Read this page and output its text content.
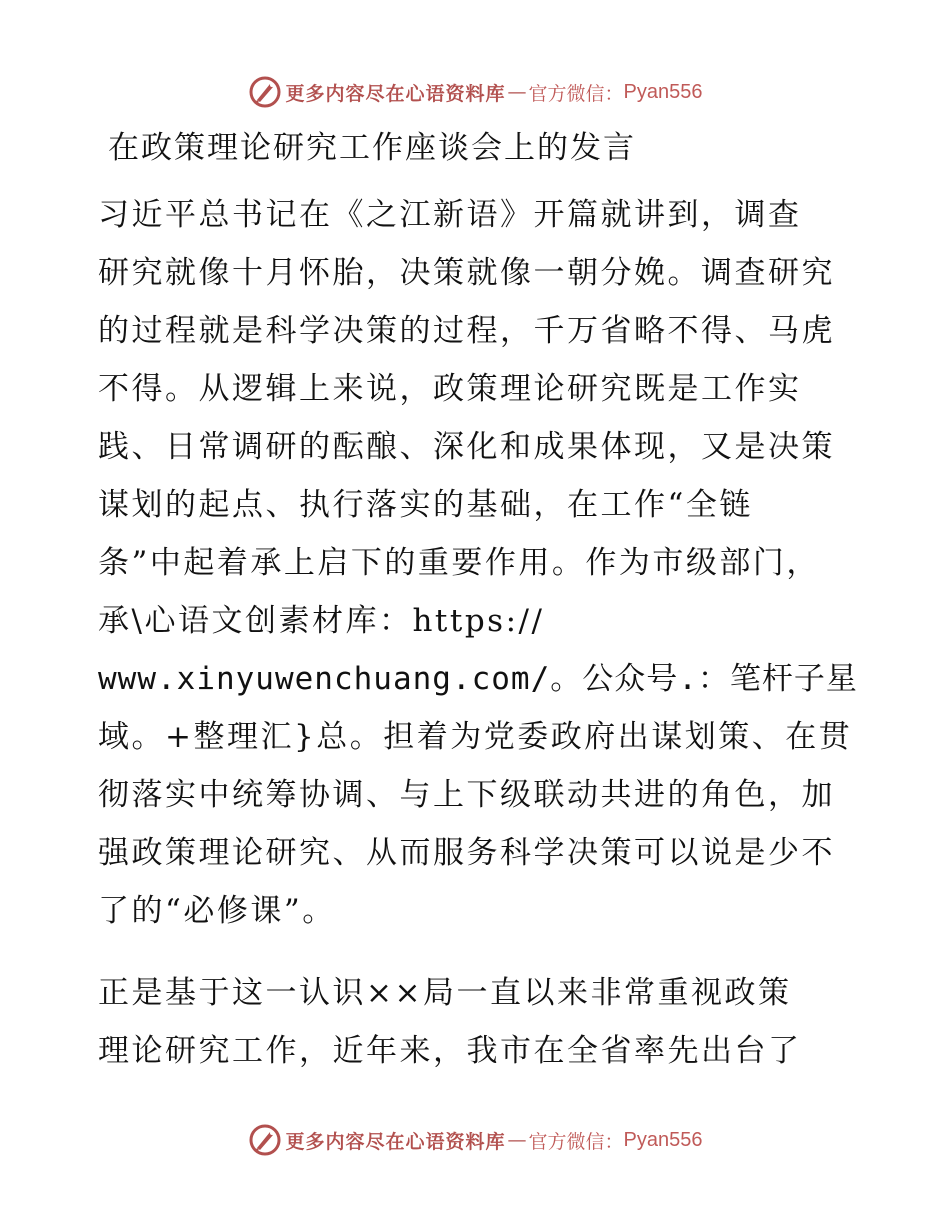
更多内容尽在心语资料库 — 官方微信： Pyan556
在政策理论研究工作座谈会上的发言
习近平总书记在《之江新语》开篇就讲到，调查
研究就像十月怀胎，决策就像一朝分娩。调查研究
的过程就是科学决策的过程，千万省略不得、马虎
不得。从逻辑上来说，政策理论研究既是工作实
践、日常调研的酝酿、深化和成果体现，又是决策
谋划的起点、执行落实的基础，在工作“全链
条”中起着承上启下的重要作用。作为市级部门，
承\心语文创素材库：https://
www.xinyuwenchuang.com/。公众号.：笔杆子星
域。+整理汇}总。担着为党委政府出谋划策、在贯
彻落实中统筹协调、与上下级联动共进的角色，加
强政策理论研究、从而服务科学决策可以说是少不
了的“必修课”。
正是基于这一认识××局一直以来非常重视政策
理论研究工作，近年来，我市在全省率先出台了
更多内容尽在心语资料库 — 官方微信： Pyan556
